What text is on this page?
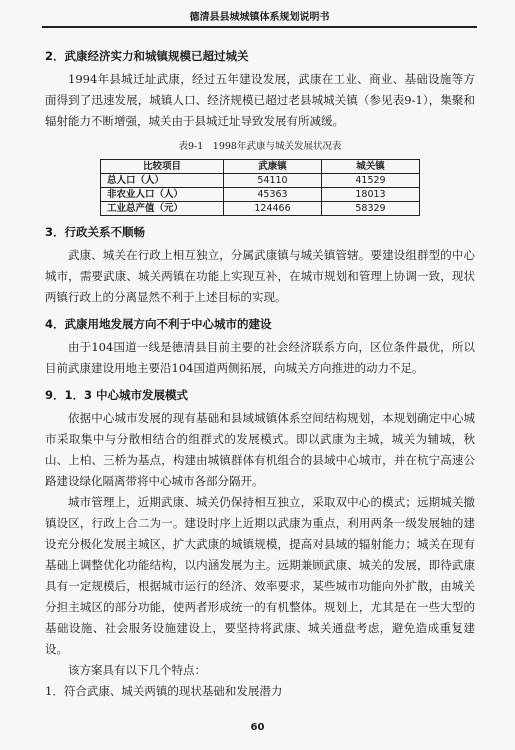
德清县县城城镇体系规划说明书
2．武康经济实力和城镇规模已超过城关

1994年县城迁址武康，经过五年建设发展，武康在工业、商业、基础设施等方面得到了迅速发展，城镇人口、经济规模已超过老县城城关镇（参见表9-1），集聚和辐射能力不断增强，城关由于县城迁址导致发展有所减缓。

表9-1　1998年武康与城关发展状况表
比较项目	武康镇	城关镇
总人口（人）	54110	41529
非农业人口（人）	45363	18013
工业总产值（元）	124466	58329
3．行政关系不顺畅

武康、城关在行政上相互独立，分属武康镇与城关镇管辖。要建设组群型的中心城市，需要武康、城关两镇在功能上实现互补，在城市规划和管理上协调一致，现状两镇行政上的分离显然不利于上述目标的实现。

4．武康用地发展方向不利于中心城市的建设

由于104国道一线是德清县目前主要的社会经济联系方向，区位条件最优，所以目前武康建设用地主要沿104国道两侧拓展，向城关方向推进的动力不足。

9．1．3 中心城市发展模式

依据中心城市发展的现有基础和县域城镇体系空间结构规划，本规划确定中心城市采取集中与分散相结合的组群式的发展模式。即以武康为主城，城关为辅城，秋山、上柏、三桥为基点，构建由城镇群体有机组合的县域中心城市，并在杭宁高速公路建设绿化隔离带将中心城市各部分隔开。

城市管理上，近期武康、城关仍保持相互独立，采取双中心的模式；远期城关撤镇设区，行政上合二为一。建设时序上近期以武康为重点，利用两条一级发展轴的建设充分极化发展主城区，扩大武康的城镇规模，提高对县域的辐射能力；城关在现有基础上调整优化功能结构，以内涵发展为主。远期兼顾武康、城关的发展，即待武康具有一定规模后，根据城市运行的经济、效率要求，某些城市功能向外扩散，由城关分担主城区的部分功能，使两者形成统一的有机整体。规划上，尤其是在一些大型的基础设施、社会服务设施建设上，要坚持将武康、城关通盘考虑，避免造成重复建设。

该方案具有以下几个特点：

1．符合武康、城关两镇的现状基础和发展潜力

60
